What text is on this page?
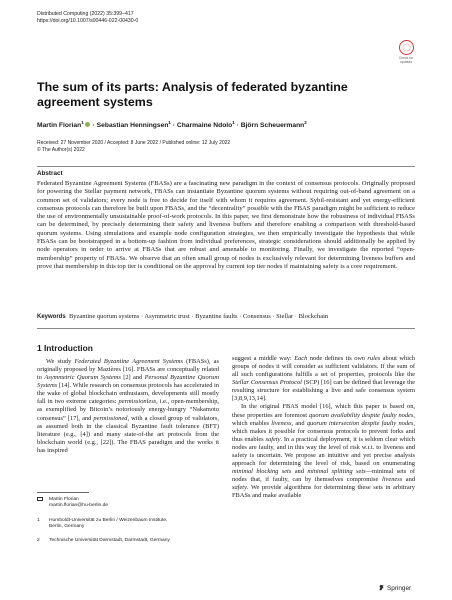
Distributed Computing (2022) 35:399–417
https://doi.org/10.1007/s00446-022-00430-0
Check for
updates
The sum of its parts: Analysis of federated byzantine agreement systems
Martin Florian$^1$ · Sebastian Henningsen$^1$ · Charmaine Ndolo$^1$ · Björn Scheuermann$^2$
Received: 27 November 2020 / Accepted: 8 June 2022 / Published online: 12 July 2022
© The Author(s) 2022
Abstract
Federated Byzantine Agreement Systems (FBASs) are a fascinating new paradigm in the context of consensus protocols. Originally proposed for powering the Stellar payment network, FBASs can instantiate Byzantine quorum systems without requiring out-of-band agreement on a common set of validators; every node is free to decide for itself with whom it requires agreement. Sybil-resistant and yet energy-efficient consensus protocols can therefore be built upon FBASs, and the “decentrality” possible with the FBAS paradigm might be sufficient to reduce the use of environmentally unsustainable proof-of-work protocols. In this paper, we first demonstrate how the robustness of individual FBASs can be determined, by precisely determining their safety and liveness buffers and therefore enabling a comparison with threshold-based quorum systems. Using simulations and example node configuration strategies, we then empirically investigate the hypothesis that while FBASs can be bootstrapped in a bottom-up fashion from individual preferences, strategic considerations should additionally be applied by node operators in order to arrive at FBASs that are robust and amenable to monitoring. Finally, we investigate the reported “open-membership” property of FBASs. We observe that an often small group of nodes is exclusively relevant for determining liveness buffers and prove that membership in this top tier is conditional on the approval by current top tier nodes if maintaining safety is a core requirement.
Keywords Byzantine quorum systems · Asymmetric trust · Byzantine faults · Consensus · Stellar · Blockchain
1 Introduction

We study Federated Byzantine Agreement Systems (FBASs), as originally proposed by Mazières [16]. FBASs are conceptually related to Asymmetric Quorum Systems [2] and Personal Byzantine Quorum Systems [14]. While research on consensus protocols has accelerated in the wake of global blockchain enthusiasm, developments still mostly fall in two extreme categories: permissionless, i.e., open-membership, as exemplified by Bitcoin’s notoriously energy-hungry “Nakamoto consensus” [17], and permissioned, with a closed group of validators, as assumed both in the classical Byzantine fault tolerance (BFT) literature (e.g., [4]) and many state-of-the art protocols from the blockchain world (e.g., [22]). The FBAS paradigm and the works it has inspired

suggest a middle way: Each node defines its own rules about which groups of nodes it will consider as sufficient validators. If the sum of all such configurations fulfills a set of properties, protocols like the Stellar Consensus Protocol (SCP) [16] can be defined that leverage the resulting structure for establishing a live and safe consensus system [3,8,9,13,14].

In the original FBAS model [16], which this paper is based on, these properties are foremost quorum availability despite faulty nodes, which enables liveness, and quorum intersection despite faulty nodes, which makes it possible for consensus protocols to prevent forks and thus enables safety. In a practical deployment, it is seldom clear which nodes are faulty, and in this way the level of risk w.r.t. to liveness and safety is uncertain. We propose an intuitive and yet precise analysis approach for determining the level of risk, based on enumerating minimal blocking sets and minimal splitting sets—minimal sets of nodes that, if faulty, can by themselves compromise liveness and safety. We provide algorithms for determining these sets in arbitrary FBASs and make available

Martin Florian
martin.florian@hu-berlin.de
1	Humboldt-Universität zu Berlin / Weizenbaum Institute,
Berlin, Germany
2	Technische Universität Darmstadt, Darmstadt, Germany
Springer
